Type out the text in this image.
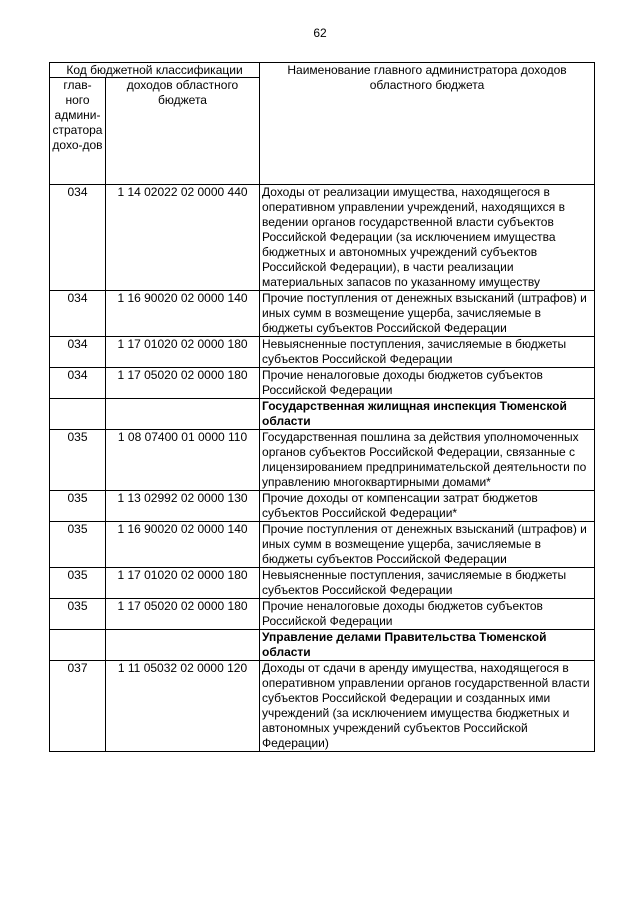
62
Код бюджетной классификации		Наименование главного администратора доходов областного бюджета
глав-ного админи-стратора дохо-дов	доходов областного бюджета	
034	1 14 02022 02 0000 440	Доходы от реализации имущества, находящегося в оперативном управлении учреждений, находящихся в ведении органов государственной власти субъектов Российской Федерации (за исключением имущества бюджетных и автономных учреждений субъектов Российской Федерации), в части реализации материальных запасов по указанному имуществу
034	1 16 90020 02 0000 140	Прочие поступления от денежных взысканий (штрафов) и иных сумм в возмещение ущерба, зачисляемые в бюджеты субъектов Российской Федерации
034	1 17 01020 02 0000 180	Невыясненные поступления, зачисляемые в бюджеты субъектов Российской Федерации
034	1 17 05020 02 0000 180	Прочие неналоговые доходы бюджетов субъектов Российской Федерации
		Государственная жилищная инспекция Тюменской области
035	1 08 07400 01 0000 110	Государственная пошлина за действия уполномоченных органов субъектов Российской Федерации, связанные с лицензированием предпринимательской деятельности по управлению многоквартирными домами*
035	1 13 02992 02 0000 130	Прочие доходы от компенсации затрат бюджетов субъектов Российской Федерации*
035	1 16 90020 02 0000 140	Прочие поступления от денежных взысканий (штрафов) и иных сумм в возмещение ущерба, зачисляемые в бюджеты субъектов Российской Федерации
035	1 17 01020 02 0000 180	Невыясненные поступления, зачисляемые в бюджеты субъектов Российской Федерации
035	1 17 05020 02 0000 180	Прочие неналоговые доходы бюджетов субъектов Российской Федерации
		Управление делами Правительства Тюменской области
037	1 11 05032 02 0000 120	Доходы от сдачи в аренду имущества, находящегося в оперативном управлении органов государственной власти субъектов Российской Федерации и созданных ими учреждений (за исключением имущества бюджетных и автономных учреждений субъектов Российской Федерации)
